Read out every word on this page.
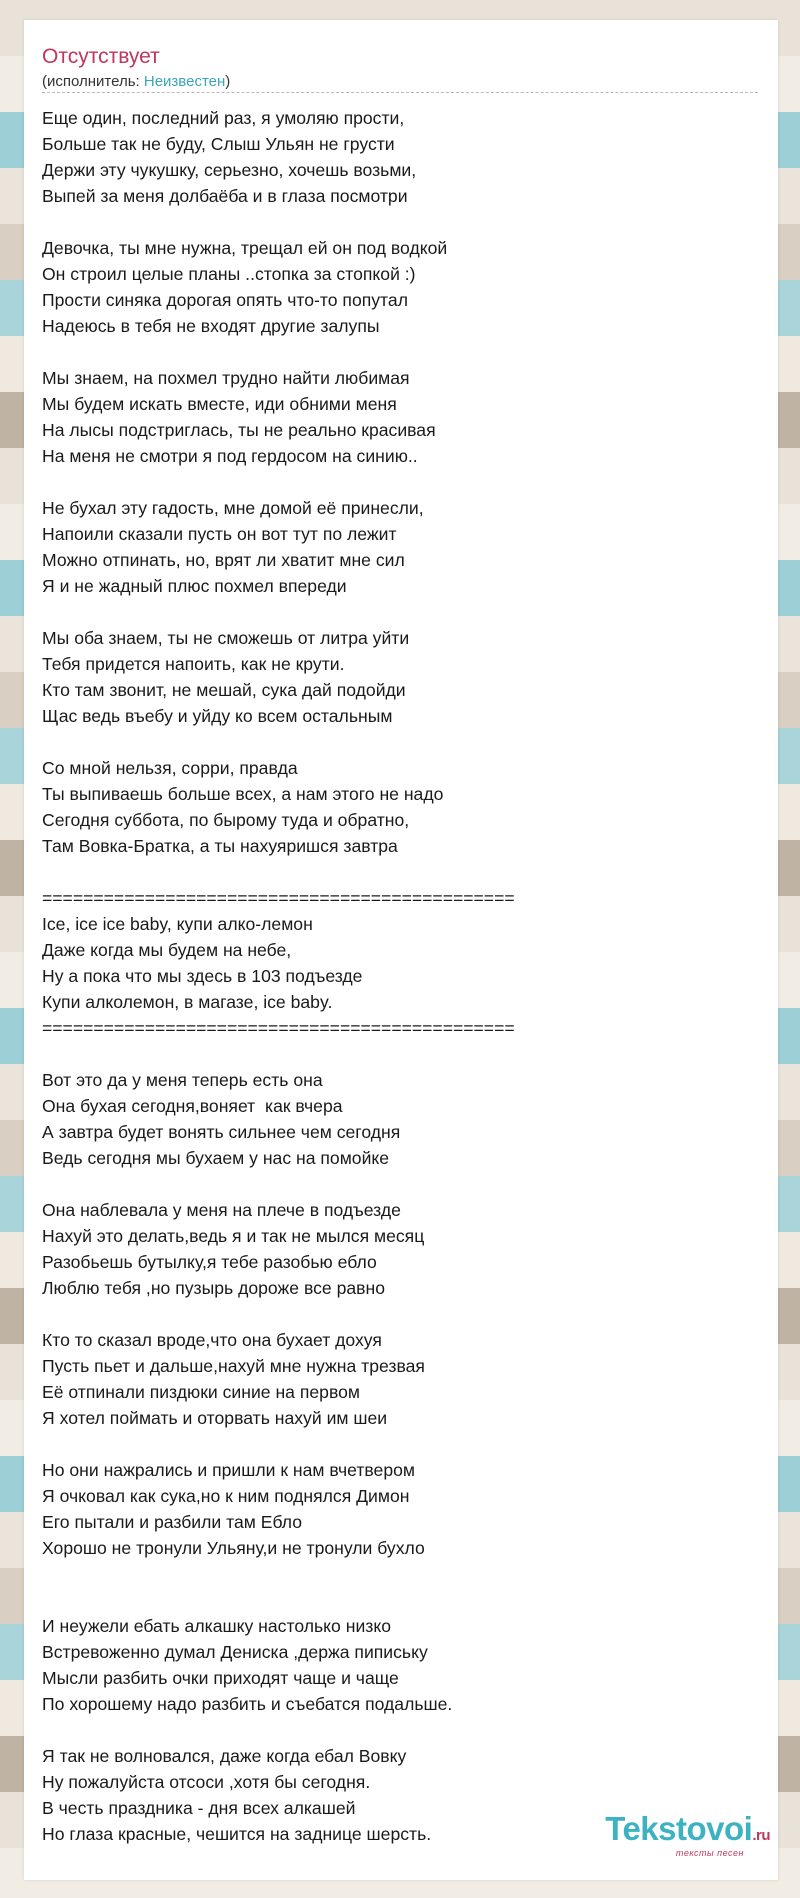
Отсутствует
(исполнитель: Неизвестен)
Еще один, последний раз, я умоляю прости,
Больше так не буду, Слыш Ульян не грусти
Держи эту чукушку, серьезно, хочешь возьми,
Выпей за меня долбаёба и в глаза посмотри
Девочка, ты мне нужна, трещал ей он под водкой
Он строил целые планы ..стопка за стопкой :)
Прости синяка дорогая опять что-то попутал
Надеюсь в тебя не входят другие залупы
Мы знаем, на похмел трудно найти любимая
Мы будем искать вместе, иди обними меня
На лысы подстриглась, ты не реально красивая
На меня не смотри я под гердосом на синию..
Не бухал эту гадость, мне домой её принесли,
Напоили сказали пусть он вот тут по лежит
Можно отпинать, но, врят ли хватит мне сил
Я и не жадный плюс похмел впереди
Мы оба знаем, ты не сможешь от литра уйти
Тебя придется напоить, как не крути.
Кто там звонит, не мешай, сука дай подойди
Щас ведь въебу и уйду ко всем остальным
Со мной нельзя, сорри, правда
Ты выпиваешь больше всех, а нам этого не надо
Сегодня суббота, по бырому туда и обратно,
Там Вовка-Братка, а ты нахуяришся завтра
==============================================
Ice, ice ice baby, купи алко-лемон
Даже когда мы будем на небе,
Ну а пока что мы здесь в 103 подъезде
Купи алколемон, в магазе, ice baby.
==============================================
Вот это да у меня теперь есть она
Она бухая сегодня,воняет  как вчера
А завтра будет вонять сильнее чем сегодня
Ведь сегодня мы бухаем у нас на помойке
Она наблевала у меня на плече в подъезде
Нахуй это делать,ведь я и так не мылся месяц
Разобьешь бутылку,я тебе разобью ебло
Люблю тебя ,но пузырь дороже все равно
Кто то сказал вроде,что она бухает дохуя
Пусть пьет и дальше,нахуй мне нужна трезвая
Её отпинали пиздюки синие на первом
Я хотел поймать и оторвать нахуй им шеи
Но они нажрались и пришли к нам вчетвером
Я очковал как сука,но к ним поднялся Димон
Его пытали и разбили там Ебло
Хорошо не тронули Ульяну,и не тронули бухло
И неужели ебать алкашку настолько низко
Встревоженно думал Дениска ,держа пипиську
Мысли разбить очки приходят чаще и чаще
По хорошему надо разбить и съебатся подальше.
Я так не волновался, даже когда ебал Вовку
Ну пожалуйста отсоси ,хотя бы сегодня.
В честь праздника - дня всех алкашей
Но глаза красные, чешится на заднице шерсть.	Tekstovoi.ru
тексты песен
